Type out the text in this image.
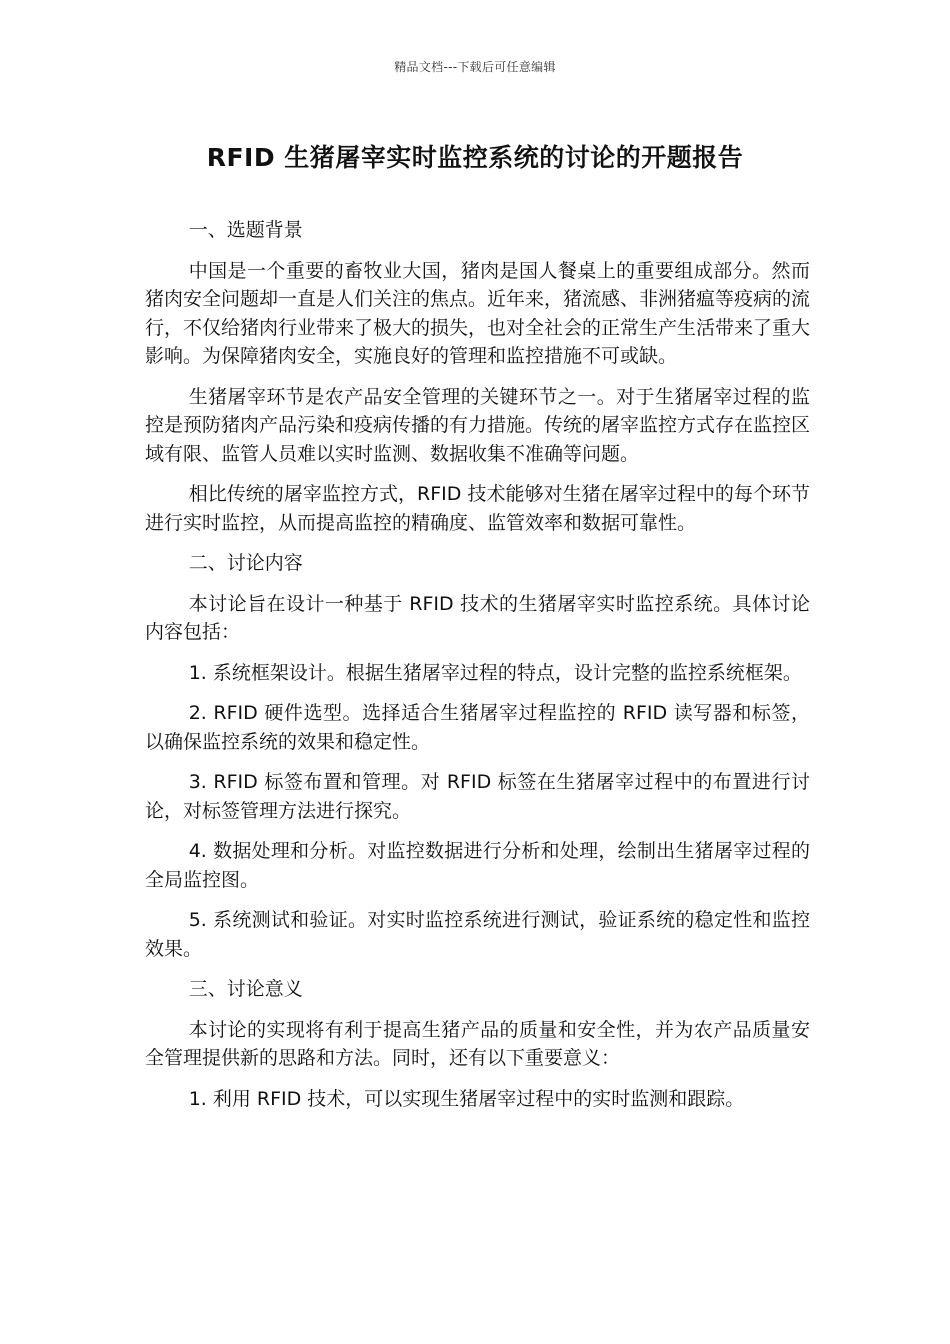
精品文档---下载后可任意编辑
RFID 生猪屠宰实时监控系统的讨论的开题报告

一、选题背景

中国是一个重要的畜牧业大国，猪肉是国人餐桌上的重要组成部分。然而猪肉安全问题却一直是人们关注的焦点。近年来，猪流感、非洲猪瘟等疫病的流行，不仅给猪肉行业带来了极大的损失，也对全社会的正常生产生活带来了重大影响。为保障猪肉安全，实施良好的管理和监控措施不可或缺。

生猪屠宰环节是农产品安全管理的关键环节之一。对于生猪屠宰过程的监控是预防猪肉产品污染和疫病传播的有力措施。传统的屠宰监控方式存在监控区域有限、监管人员难以实时监测、数据收集不准确等问题。

相比传统的屠宰监控方式，RFID 技术能够对生猪在屠宰过程中的每个环节进行实时监控，从而提高监控的精确度、监管效率和数据可靠性。

二、讨论内容

本讨论旨在设计一种基于 RFID 技术的生猪屠宰实时监控系统。具体讨论内容包括：

1. 系统框架设计。根据生猪屠宰过程的特点，设计完整的监控系统框架。

2. RFID 硬件选型。选择适合生猪屠宰过程监控的 RFID 读写器和标签，以确保监控系统的效果和稳定性。

3. RFID 标签布置和管理。对 RFID 标签在生猪屠宰过程中的布置进行讨论，对标签管理方法进行探究。

4. 数据处理和分析。对监控数据进行分析和处理，绘制出生猪屠宰过程的全局监控图。

5. 系统测试和验证。对实时监控系统进行测试，验证系统的稳定性和监控效果。

三、讨论意义

本讨论的实现将有利于提高生猪产品的质量和安全性，并为农产品质量安全管理提供新的思路和方法。同时，还有以下重要意义：

1. 利用 RFID 技术，可以实现生猪屠宰过程中的实时监测和跟踪。
